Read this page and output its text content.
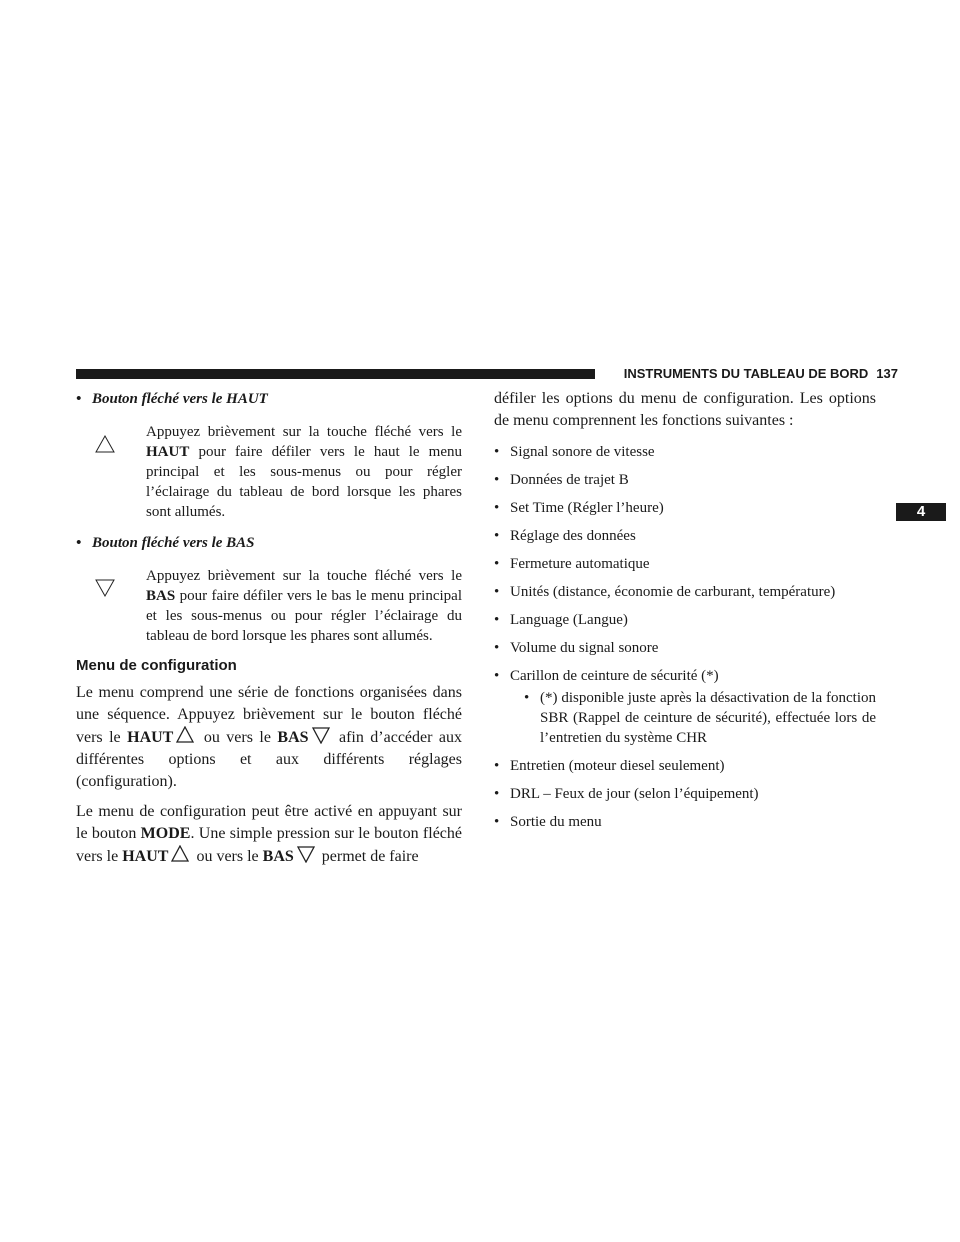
INSTRUMENTS DU TABLEAU DE BORD 137
4
• Bouton fléché vers le HAUT
Appuyez brièvement sur la touche fléché vers le HAUT pour faire défiler vers le haut le menu principal et les sous-menus ou pour régler l’éclairage du tableau de bord lorsque les phares sont allumés.
• Bouton fléché vers le BAS
Appuyez brièvement sur la touche fléché vers le BAS pour faire défiler vers le bas le menu principal et les sous-menus ou pour régler l’éclairage du tableau de bord lorsque les phares sont allumés.
Menu de configuration

Le menu comprend une série de fonctions organisées dans une séquence. Appuyez brièvement sur le bouton fléché vers le HAUT ou vers le BAS afin d’accéder aux différentes options et aux différents réglages (configuration).

Le menu de configuration peut être activé en appuyant sur le bouton MODE. Une simple pression sur le bouton fléché vers le HAUT ou vers le BAS permet de faire

défiler les options du menu de configuration. Les options de menu comprennent les fonctions suivantes :

• Signal sonore de vitesse
• Données de trajet B
• Set Time (Régler l’heure)
• Réglage des données
• Fermeture automatique
• Unités (distance, économie de carburant, température)
• Language (Langue)
• Volume du signal sonore
• Carillon de ceinture de sécurité (*)
• (*) disponible juste après la désactivation de la fonction SBR (Rappel de ceinture de sécurité), effectuée lors de l’entretien du système CHR
• Entretien (moteur diesel seulement)
• DRL – Feux de jour (selon l’équipement)
• Sortie du menu
